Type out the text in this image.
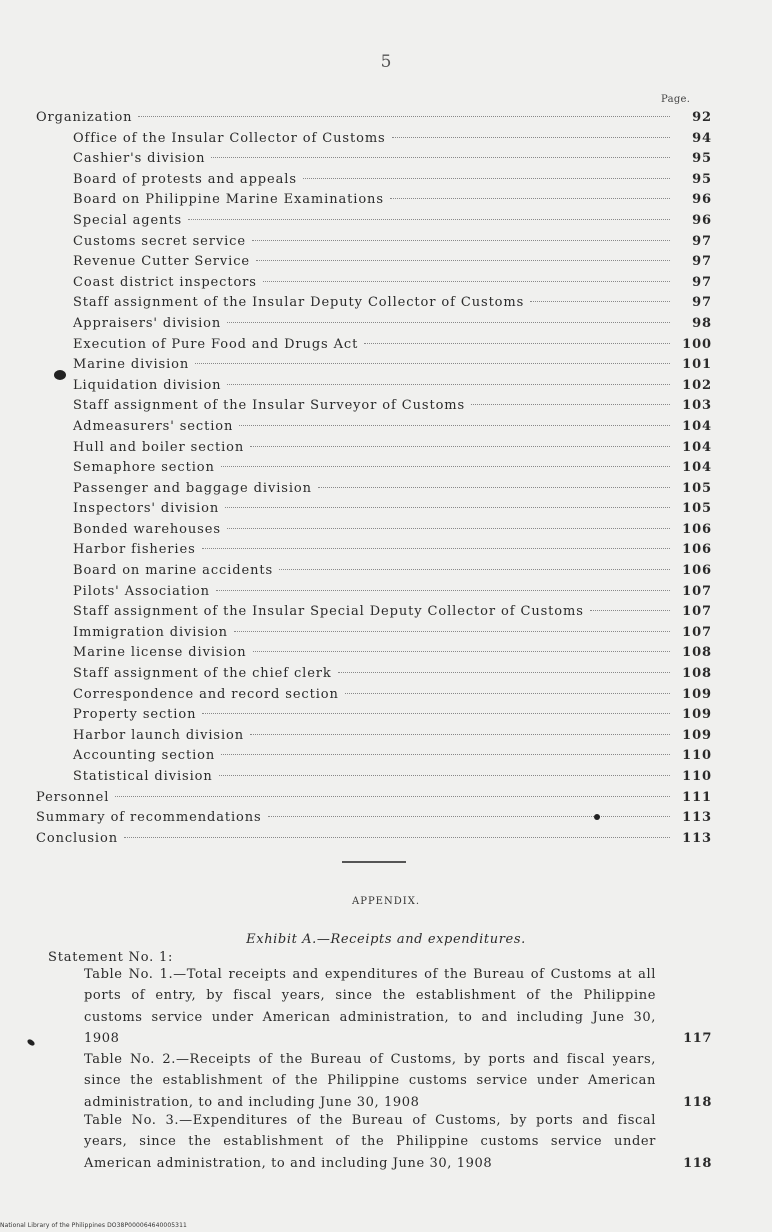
5
Page.
Organization	92
Office of the Insular Collector of Customs	94
Cashier's division	95
Board of protests and appeals	95
Board on Philippine Marine Examinations	96
Special agents	96
Customs secret service	97
Revenue Cutter Service	97
Coast district inspectors	97
Staff assignment of the Insular Deputy Collector of Customs	97
Appraisers' division	98
Execution of Pure Food and Drugs Act	100
Marine division	101
Liquidation division	102
Staff assignment of the Insular Surveyor of Customs	103
Admeasurers' section	104
Hull and boiler section	104
Semaphore section	104
Passenger and baggage division	105
Inspectors' division	105
Bonded warehouses	106
Harbor fisheries	106
Board on marine accidents	106
Pilots' Association	107
Staff assignment of the Insular Special Deputy Collector of Customs	107
Immigration division	107
Marine license division	108
Staff assignment of the chief clerk	108
Correspondence and record section	109
Property section	109
Harbor launch division	109
Accounting section	110
Statistical division	110
Personnel	111
Summary of recommendations	113
Conclusion	113
APPENDIX.
Exhibit A.—Receipts and expenditures.
Statement No. 1:
Table No. 1.—Total receipts and expenditures of the Bureau of Customs at all ports of entry, by fiscal years, since the establishment of the Philippine customs service under American administration, to and including June 30, 1908	117
Table No. 2.—Receipts of the Bureau of Customs, by ports and fiscal years, since the establishment of the Philippine customs service under American administration, to and including June 30, 1908	118
Table No. 3.—Expenditures of the Bureau of Customs, by ports and fiscal years, since the establishment of the Philippine customs service under American administration, to and including June 30, 1908	118
National Library of the Philippines DO38P000064640005311
